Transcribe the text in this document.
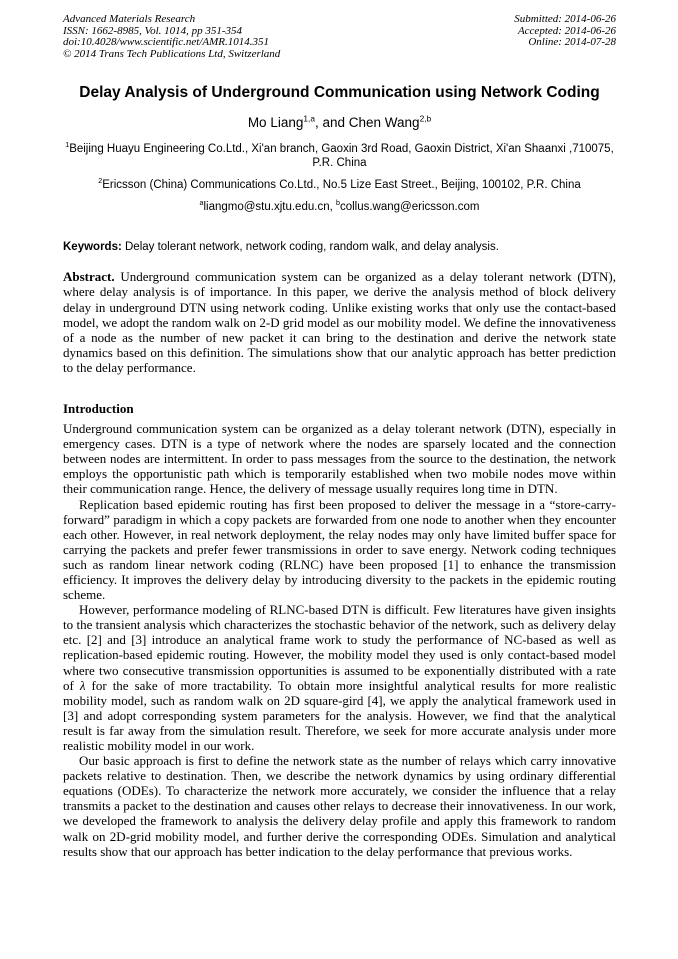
Advanced Materials Research
ISSN: 1662-8985, Vol. 1014, pp 351-354
doi:10.4028/www.scientific.net/AMR.1014.351
© 2014 Trans Tech Publications Ltd, Switzerland
Submitted: 2014-06-26
Accepted: 2014-06-26
Online: 2014-07-28
Delay Analysis of Underground Communication using Network Coding
Mo Liang$^{1,a}$, and Chen Wang$^{2,b}$
$^1$Beijing Huayu Engineering Co.Ltd., Xi'an branch, Gaoxin 3rd Road, Gaoxin District, Xi'an Shaanxi ,710075, P.R. China
$^2$Ericsson (China) Communications Co.Ltd., No.5 Lize East Street., Beijing, 100102, P.R. China
$^a$liangmo@stu.xjtu.edu.cn, $^b$collus.wang@ericsson.com
Keywords: Delay tolerant network, network coding, random walk, and delay analysis.

Abstract. Underground communication system can be organized as a delay tolerant network (DTN), where delay analysis is of importance. In this paper, we derive the analysis method of block delivery delay in underground DTN using network coding. Unlike existing works that only use the contact-based model, we adopt the random walk on 2-D grid model as our mobility model. We define the innovativeness of a node as the number of new packet it can bring to the destination and derive the network state dynamics based on this definition. The simulations show that our analytic approach has better prediction to the delay performance.

Introduction

Underground communication system can be organized as a delay tolerant network (DTN), especially in emergency cases. DTN is a type of network where the nodes are sparsely located and the connection between nodes are intermittent. In order to pass messages from the source to the destination, the network employs the opportunistic path which is temporarily established when two mobile nodes move within their communication range. Hence, the delivery of message usually requires long time in DTN.

Replication based epidemic routing has first been proposed to deliver the message in a “store-carry-forward” paradigm in which a copy packets are forwarded from one node to another when they encounter each other. However, in real network deployment, the relay nodes may only have limited buffer space for carrying the packets and prefer fewer transmissions in order to save energy. Network coding techniques such as random linear network coding (RLNC) have been proposed [1] to enhance the transmission efficiency. It improves the delivery delay by introducing diversity to the packets in the epidemic routing scheme.

However, performance modeling of RLNC-based DTN is difficult. Few literatures have given insights to the transient analysis which characterizes the stochastic behavior of the network, such as delivery delay etc. [2] and [3] introduce an analytical frame work to study the performance of NC-based as well as replication-based epidemic routing. However, the mobility model they used is only contact-based model where two consecutive transmission opportunities is assumed to be exponentially distributed with a rate of λ for the sake of more tractability. To obtain more insightful analytical results for more realistic mobility model, such as random walk on 2D square-gird [4], we apply the analytical framework used in [3] and adopt corresponding system parameters for the analysis. However, we find that the analytical result is far away from the simulation result. Therefore, we seek for more accurate analysis under more realistic mobility model in our work.

Our basic approach is first to define the network state as the number of relays which carry innovative packets relative to destination. Then, we describe the network dynamics by using ordinary differential equations (ODEs). To characterize the network more accurately, we consider the influence that a relay transmits a packet to the destination and causes other relays to decrease their innovativeness. In our work, we developed the framework to analysis the delivery delay profile and apply this framework to random walk on 2D-grid mobility model, and further derive the corresponding ODEs. Simulation and analytical results show that our approach has better indication to the delay performance that previous works.
